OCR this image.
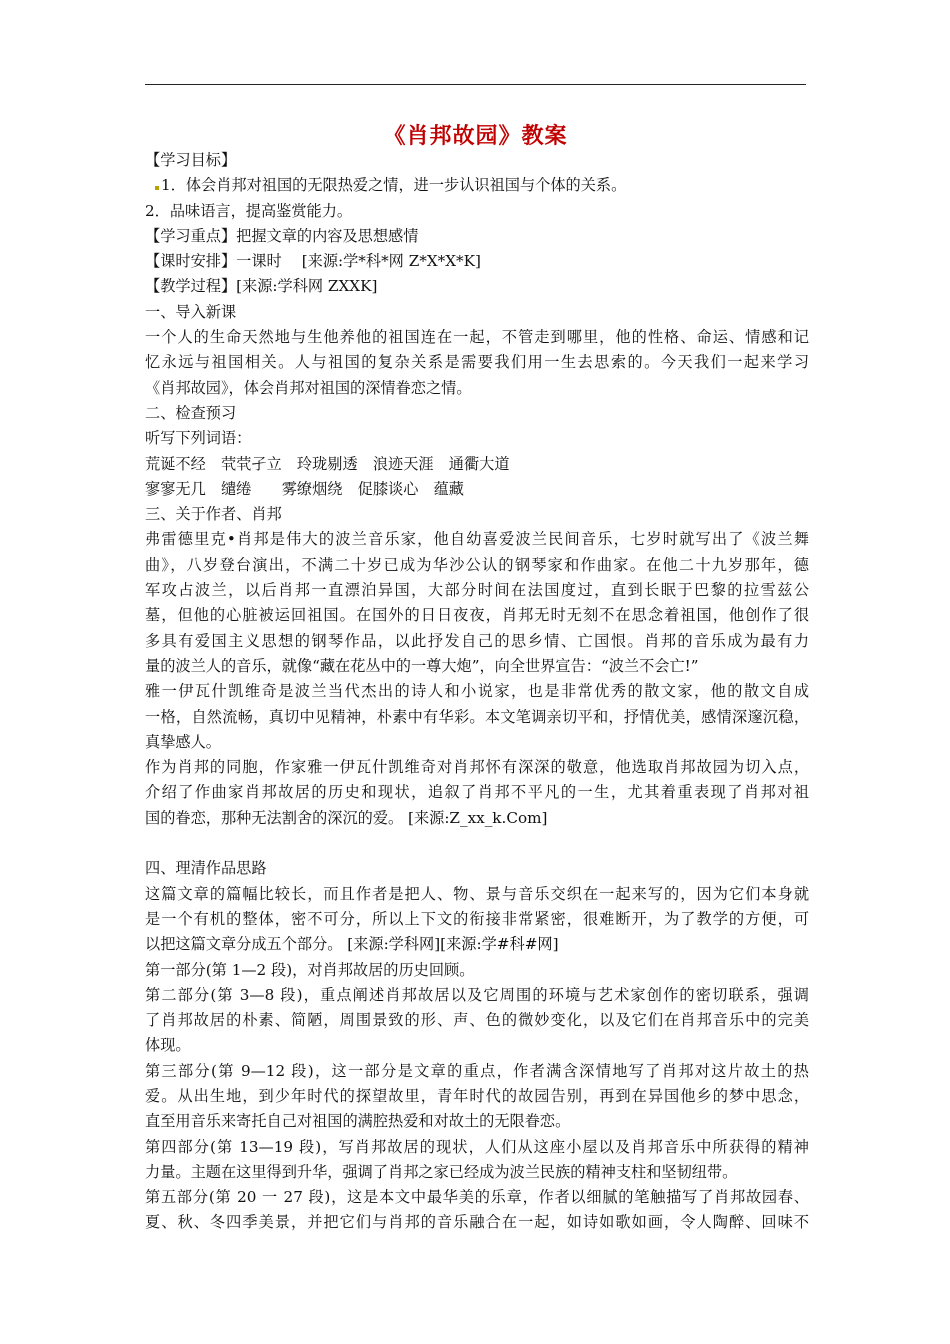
《肖邦故园》教案
【学习目标】
1．体会肖邦对祖国的无限热爱之情，进一步认识祖国与个体的关系。
2．品味语言，提高鉴赏能力。
【学习重点】把握文章的内容及思想感情
【课时安排】一课时　 [来源:学*科*网 Z*X*X*K]
【教学过程】[来源:学科网 ZXXK]
一、导入新课
一个人的生命天然地与生他养他的祖国连在一起，不管走到哪里，他的性格、命运、情感和记
忆永远与祖国相关。人与祖国的复杂关系是需要我们用一生去思索的。今天我们一起来学习
《肖邦故园》，体会肖邦对祖国的深情眷恋之情。
二、检查预习
听写下列词语：
荒诞不经　茕茕孑立　玲珑剔透　浪迹天涯　通衢大道
寥寥无几　缱绻　　雾缭烟绕　促膝谈心　蕴藏
三、关于作者、肖邦
弗雷德里克•肖邦是伟大的波兰音乐家，他自幼喜爱波兰民间音乐，七岁时就写出了《波兰舞
曲》，八岁登台演出，不满二十岁已成为华沙公认的钢琴家和作曲家。在他二十九岁那年，德
军攻占波兰，以后肖邦一直漂泊异国，大部分时间在法国度过，直到长眠于巴黎的拉雪兹公
墓，但他的心脏被运回祖国。在国外的日日夜夜，肖邦无时无刻不在思念着祖国，他创作了很
多具有爱国主义思想的钢琴作品，以此抒发自己的思乡情、亡国恨。肖邦的音乐成为最有力
量的波兰人的音乐，就像“藏在花丛中的一尊大炮”，向全世界宣告：“波兰不会亡!”
雅一伊瓦什凯维奇是波兰当代杰出的诗人和小说家，也是非常优秀的散文家，他的散文自成
一格，自然流畅，真切中见精神，朴素中有华彩。本文笔调亲切平和，抒情优美，感情深邃沉稳，
真挚感人。
作为肖邦的同胞，作家雅一伊瓦什凯维奇对肖邦怀有深深的敬意，他选取肖邦故园为切入点，
介绍了作曲家肖邦故居的历史和现状，追叙了肖邦不平凡的一生，尤其着重表现了肖邦对祖
国的眷恋，那种无法割舍的深沉的爱。 [来源:Z_xx_k.Com]
四、理清作品思路
这篇文章的篇幅比较长，而且作者是把人、物、景与音乐交织在一起来写的，因为它们本身就
是一个有机的整体，密不可分，所以上下文的衔接非常紧密，很难断开，为了教学的方便，可
以把这篇文章分成五个部分。 [来源:学科网][来源:学#科#网]
第一部分(第 1—2 段)，对肖邦故居的历史回顾。
第二部分(第 3—8 段)，重点阐述肖邦故居以及它周围的环境与艺术家创作的密切联系，强调
了肖邦故居的朴素、简陋，周围景致的形、声、色的微妙变化，以及它们在肖邦音乐中的完美
体现。
第三部分(第 9—12 段)，这一部分是文章的重点，作者满含深情地写了肖邦对这片故土的热
爱。从出生地，到少年时代的探望故里，青年时代的故园告别，再到在异国他乡的梦中思念，
直至用音乐来寄托自己对祖国的满腔热爱和对故土的无限眷恋。
第四部分(第 13—19 段)，写肖邦故居的现状，人们从这座小屋以及肖邦音乐中所获得的精神
力量。主题在这里得到升华，强调了肖邦之家已经成为波兰民族的精神支柱和坚韧纽带。
第五部分(第 20 一 27 段)，这是本文中最华美的乐章，作者以细腻的笔触描写了肖邦故园春、
夏、秋、冬四季美景，并把它们与肖邦的音乐融合在一起，如诗如歌如画，令人陶醉、回味不
